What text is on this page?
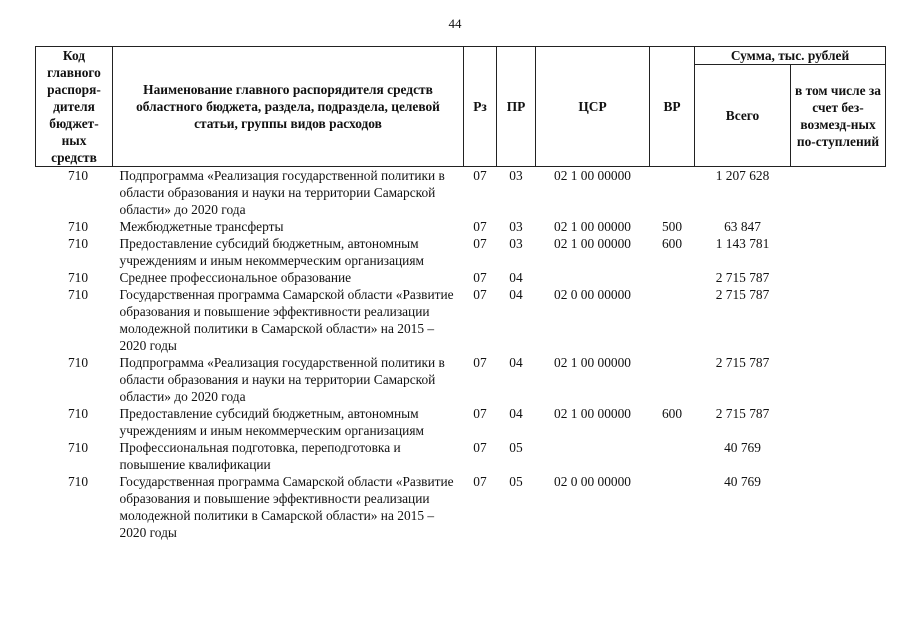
44
Код главного распоря-дителя бюджет-ных средств	Наименование главного распорядителя средств областного бюджета, раздела, подраздела, целевой статьи, группы видов расходов	Рз	ПР	ЦСР	ВР	Сумма, тыс. рублей	
						Всего	в том числе за счет без-возмезд-ных по-ступлений
710	Подпрограмма «Реализация государственной политики в области образования и науки на территории Самарской области» до 2020 года	07	03	02 1 00 00000		1 207 628	
710	Межбюджетные трансферты	07	03	02 1 00 00000	500	63 847	
710	Предоставление субсидий бюджетным, автономным учреждениям и иным некоммерческим организациям	07	03	02 1 00 00000	600	1 143 781	
710	Среднее профессиональное образование	07	04			2 715 787	
710	Государственная программа Самарской области «Развитие образования и повышение эффективности реализации молодежной политики в Самарской области» на 2015 – 2020 годы	07	04	02 0 00 00000		2 715 787	
710	Подпрограмма «Реализация государственной политики в области образования и науки на территории Самарской области» до 2020 года	07	04	02 1 00 00000		2 715 787	
710	Предоставление субсидий бюджетным, автономным учреждениям и иным некоммерческим организациям	07	04	02 1 00 00000	600	2 715 787	
710	Профессиональная подготовка, переподготовка и повышение квалификации	07	05			40 769	
710	Государственная программа Самарской области «Развитие образования и повышение эффективности реализации молодежной политики в Самарской области» на 2015 – 2020 годы	07	05	02 0 00 00000		40 769	
